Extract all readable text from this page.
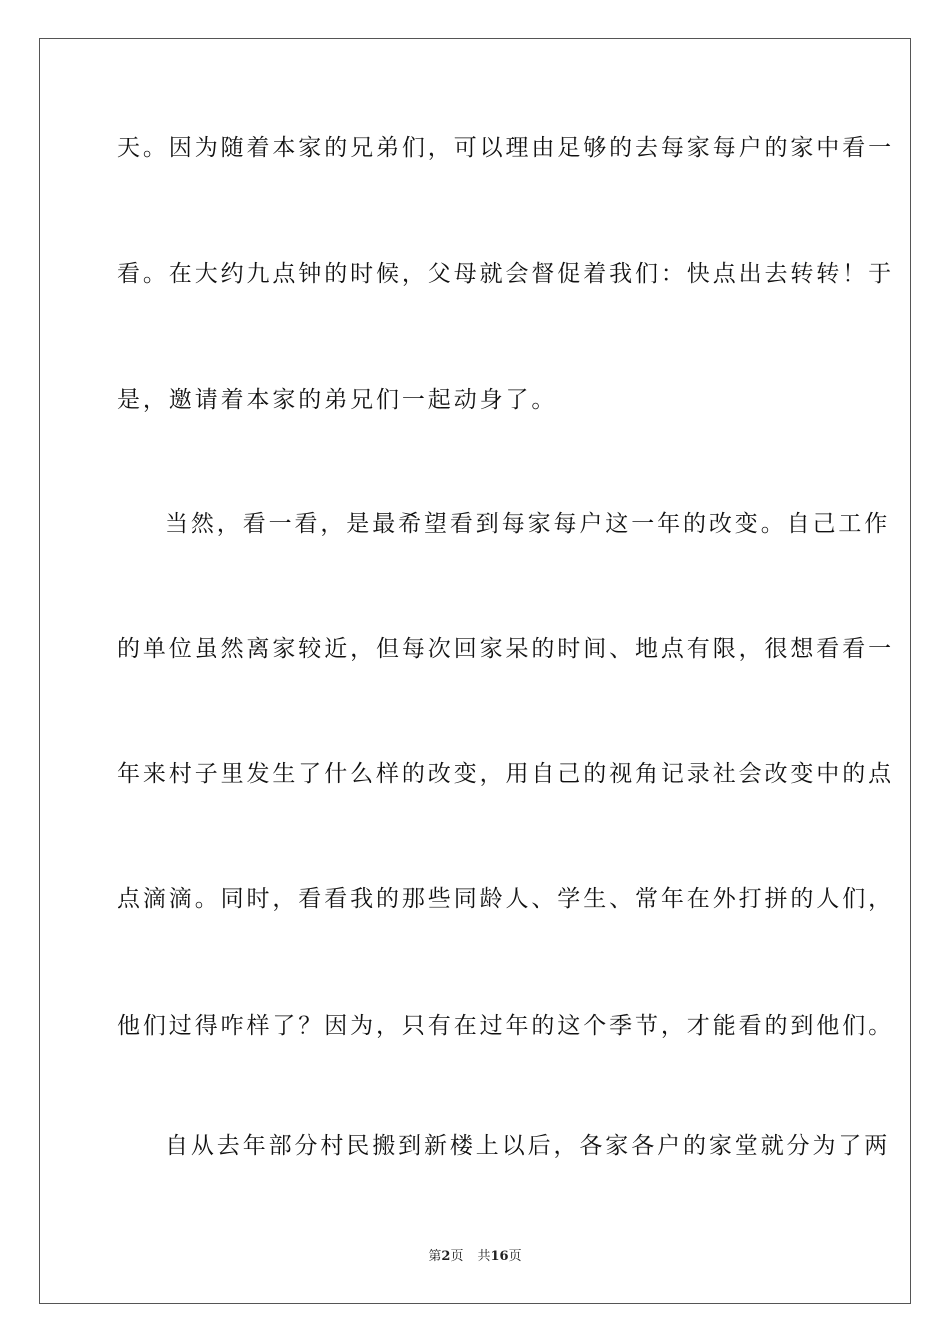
天。因为随着本家的兄弟们，可以理由足够的去每家每户的家中看一
看。在大约九点钟的时候，父母就会督促着我们：快点出去转转！于
是，邀请着本家的弟兄们一起动身了。
当然，看一看，是最希望看到每家每户这一年的改变。自己工作
的单位虽然离家较近，但每次回家呆的时间、地点有限，很想看看一
年来村子里发生了什么样的改变，用自己的视角记录社会改变中的点
点滴滴。同时，看看我的那些同龄人、学生、常年在外打拼的人们，
他们过得咋样了？因为，只有在过年的这个季节，才能看的到他们。
自从去年部分村民搬到新楼上以后，各家各户的家堂就分为了两
第2页 共16页
